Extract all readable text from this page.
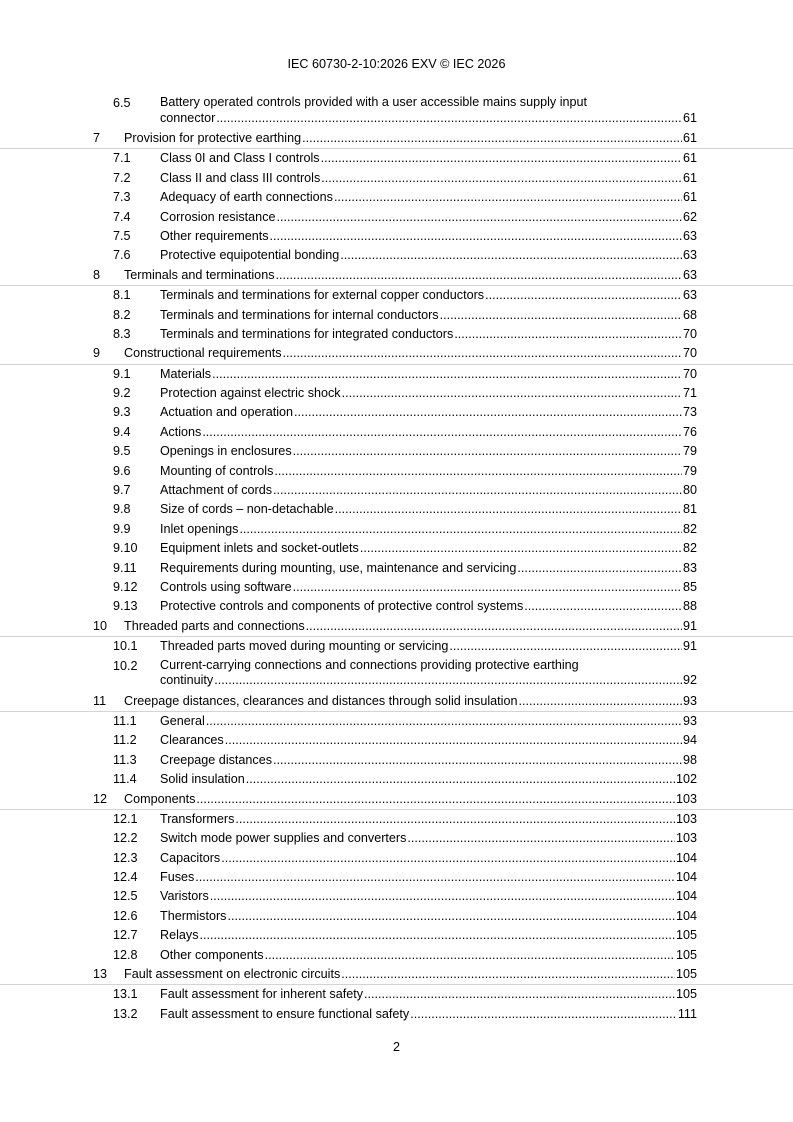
IEC 60730-2-10:2026 EXV © IEC 2026
6.5 Battery operated controls provided with a user accessible mains supply input
connector .....	61
7 Provision for protective earthing .....	61
7.1 Class 0I and Class I controls .....	61
7.2 Class II and class III controls .....	61
7.3 Adequacy of earth connections .....	61
7.4 Corrosion resistance .....	62
7.5 Other requirements .....	63
7.6 Protective equipotential bonding .....	63
8 Terminals and terminations .....	63
8.1 Terminals and terminations for external copper conductors .....	63
8.2 Terminals and terminations for internal conductors .....	68
8.3 Terminals and terminations for integrated conductors .....	70
9 Constructional requirements .....	70
9.1 Materials .....	70
9.2 Protection against electric shock .....	71
9.3 Actuation and operation .....	73
9.4 Actions .....	76
9.5 Openings in enclosures .....	79
9.6 Mounting of controls .....	79
9.7 Attachment of cords .....	80
9.8 Size of cords – non-detachable .....	81
9.9 Inlet openings .....	82
9.10 Equipment inlets and socket-outlets .....	82
9.11 Requirements during mounting, use, maintenance and servicing .....	83
9.12 Controls using software .....	85
9.13 Protective controls and components of protective control systems .....	88
10 Threaded parts and connections .....	91
10.1 Threaded parts moved during mounting or servicing .....	91
10.2 Current-carrying connections and connections providing protective earthing
continuity .....	92
11 Creepage distances, clearances and distances through solid insulation .....	93
11.1 General .....	93
11.2 Clearances .....	94
11.3 Creepage distances .....	98
11.4 Solid insulation .....	102
12 Components .....	103
12.1 Transformers .....	103
12.2 Switch mode power supplies and converters .....	103
12.3 Capacitors .....	104
12.4 Fuses .....	104
12.5 Varistors .....	104
12.6 Thermistors .....	104
12.7 Relays .....	105
12.8 Other components .....	105
13 Fault assessment on electronic circuits .....	105
13.1 Fault assessment for inherent safety .....	105
13.2 Fault assessment to ensure functional safety .....	111
2
